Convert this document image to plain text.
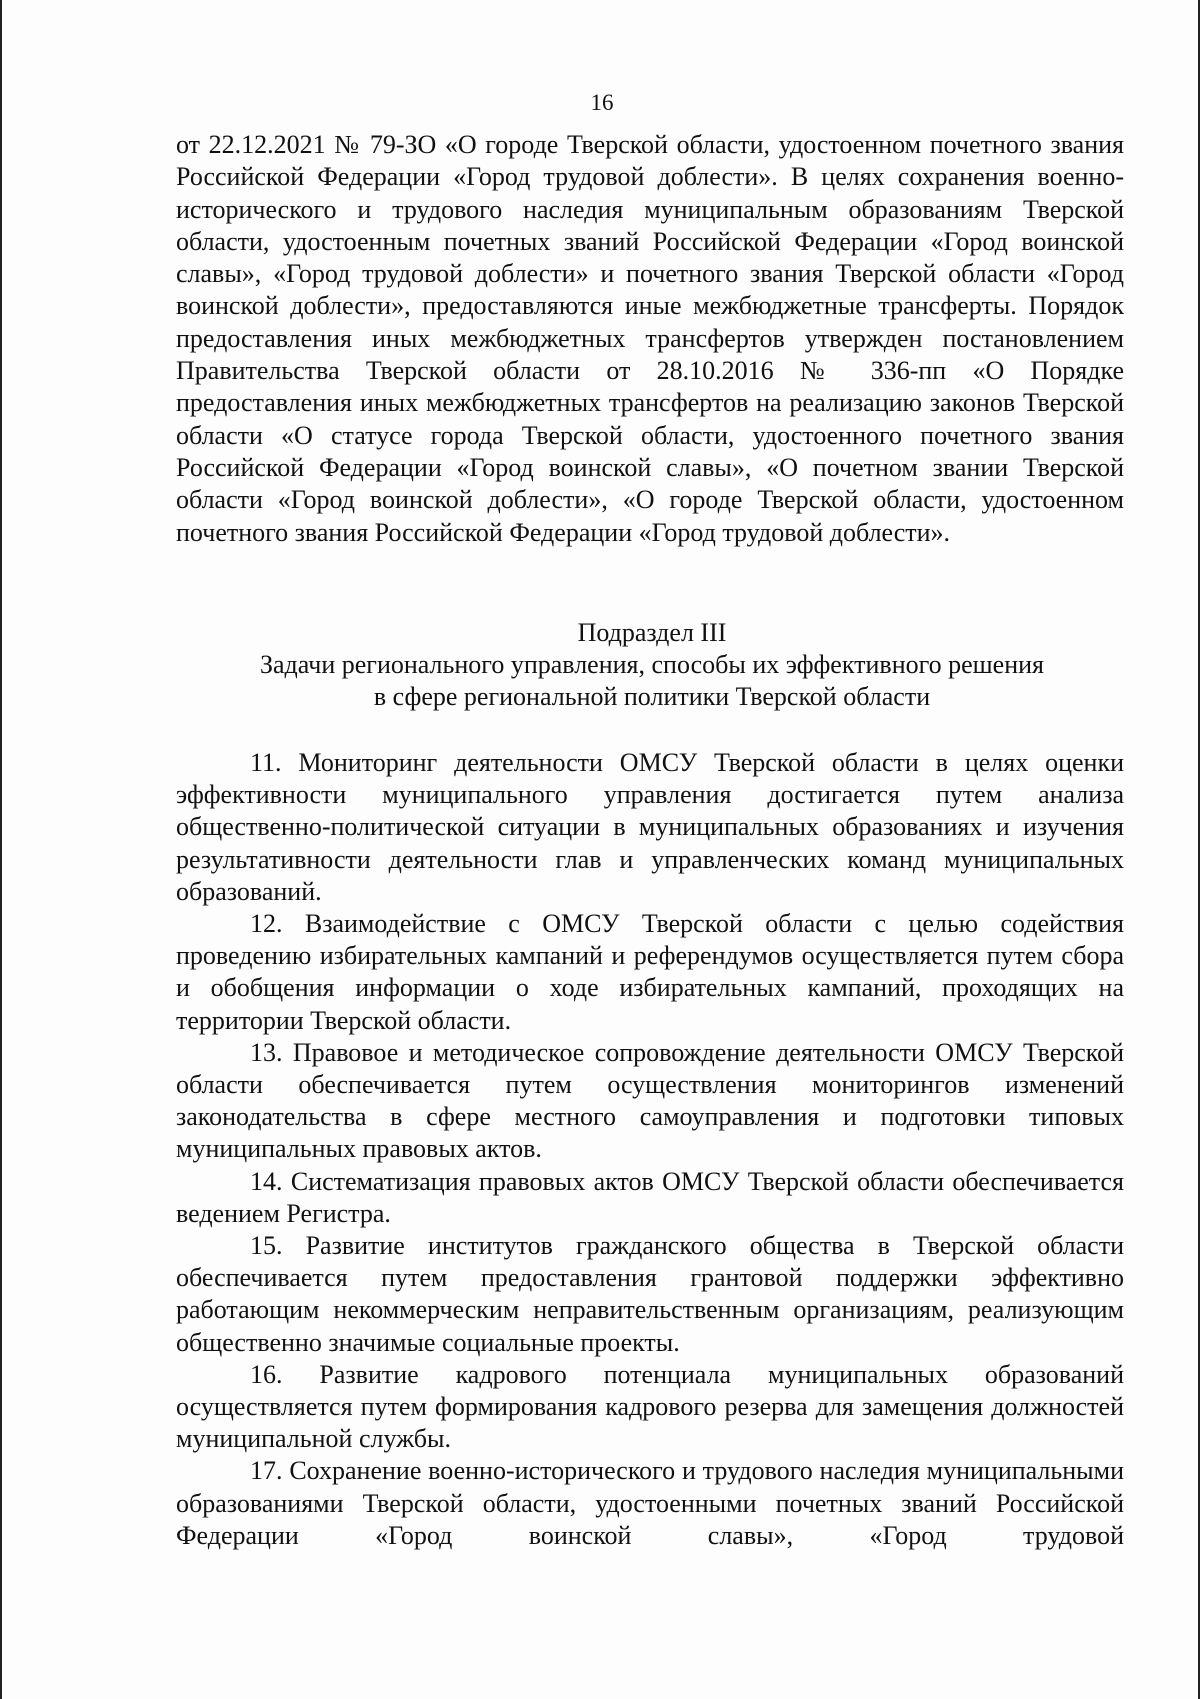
16

от 22.12.2021 № 79-ЗО «О городе Тверской области, удостоенном почетного звания Российской Федерации «Город трудовой доблести». В целях сохранения военно-исторического и трудового наследия муниципальным образованиям Тверской области, удостоенным почетных званий Российской Федерации «Город воинской славы», «Город трудовой доблести» и почетного звания Тверской области «Город воинской доблести», предоставляются иные межбюджетные трансферты. Порядок предоставления иных межбюджетных трансфертов утвержден постановлением Правительства Тверской области от 28.10.2016 № 336-пп «О Порядке предоставления иных межбюджетных трансфертов на реализацию законов Тверской области «О статусе города Тверской области, удостоенного почетного звания Российской Федерации «Город воинской славы», «О почетном звании Тверской области «Город воинской доблести», «О городе Тверской области, удостоенном почетного звания Российской Федерации «Город трудовой доблести».

Подраздел III
Задачи регионального управления, способы их эффективного решения
в сфере региональной политики Тверской области

11. Мониторинг деятельности ОМСУ Тверской области в целях оценки эффективности муниципального управления достигается путем анализа общественно-политической ситуации в муниципальных образованиях и изучения результативности деятельности глав и управленческих команд муниципальных образований.

12. Взаимодействие с ОМСУ Тверской области с целью содействия проведению избирательных кампаний и референдумов осуществляется путем сбора и обобщения информации о ходе избирательных кампаний, проходящих на территории Тверской области.

13. Правовое и методическое сопровождение деятельности ОМСУ Тверской области обеспечивается путем осуществления мониторингов изменений законодательства в сфере местного самоуправления и подготовки типовых муниципальных правовых актов.

14. Систематизация правовых актов ОМСУ Тверской области обеспечивается ведением Регистра.

15. Развитие институтов гражданского общества в Тверской области обеспечивается путем предоставления грантовой поддержки эффективно работающим некоммерческим неправительственным организациям, реализующим общественно значимые социальные проекты.

16. Развитие кадрового потенциала муниципальных образований осуществляется путем формирования кадрового резерва для замещения должностей муниципальной службы.

17. Сохранение военно-исторического и трудового наследия муниципальными образованиями Тверской области, удостоенными почетных званий Российской Федерации «Город воинской славы», «Город трудовой
